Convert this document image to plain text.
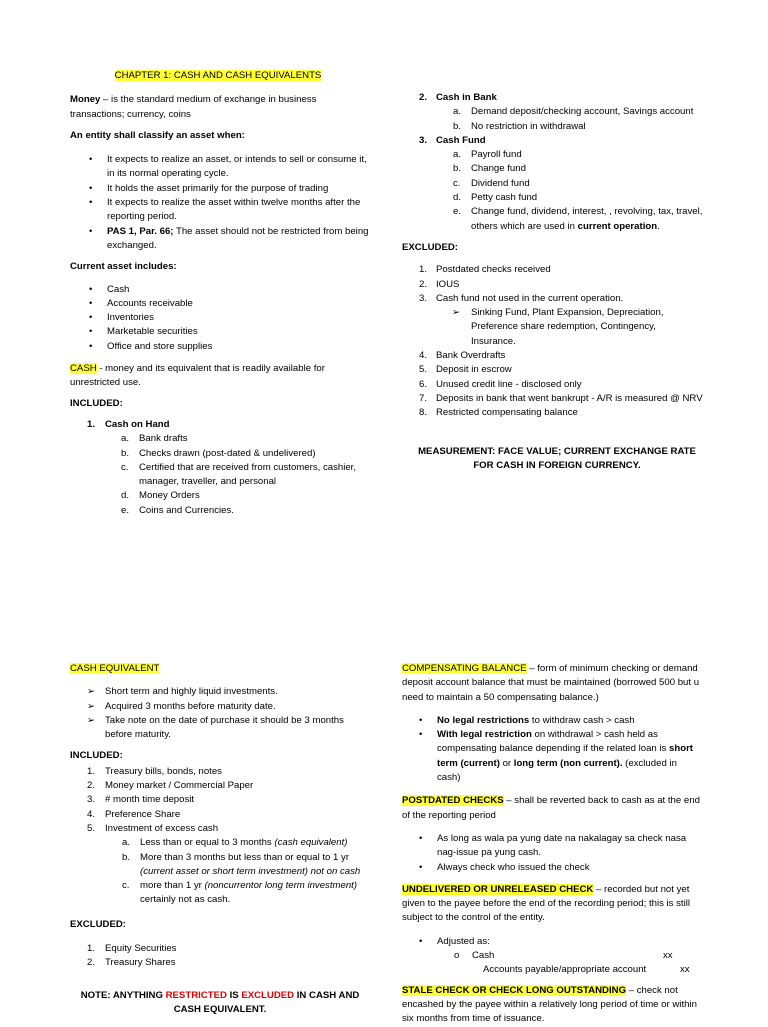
CHAPTER 1: CASH AND CASH EQUIVALENTS

Money – is the standard medium of exchange in business transactions; currency, coins

An entity shall classify an asset when:

• It expects to realize an asset, or intends to sell or consume it, in its normal operating cycle.
• It holds the asset primarily for the purpose of trading
• It expects to realize the asset within twelve months after the reporting period.
• PAS 1, Par. 66; The asset should not be restricted from being exchanged.

Current asset includes:

• Cash
• Accounts receivable
• Inventories
• Marketable securities
• Office and store supplies

CASH - money and its equivalent that is readily available for unrestricted use.

INCLUDED:

1. Cash on Hand
a. Bank drafts
b. Checks drawn (post-dated & undelivered)
c. Certified that are received from customers, cashier, manager, traveller, and personal
d. Money Orders
e. Coins and Currencies.
2. Cash in Bank
a. Demand deposit/checking account, Savings account
b. No restriction in withdrawal
3. Cash Fund
a. Payroll fund
b. Change fund
c. Dividend fund
d. Petty cash fund
e. Change fund, dividend, interest, , revolving, tax, travel, others which are used in current operation.

EXCLUDED:

1. Postdated checks received
2. IOUS
3. Cash fund not used in the current operation.
➢ Sinking Fund, Plant Expansion, Depreciation, Preference share redemption, Contingency, Insurance.
4. Bank Overdrafts
5. Deposit in escrow
6. Unused credit line - disclosed only
7. Deposits in bank that went bankrupt - A/R is measured @ NRV
8. Restricted compensating balance

MEASUREMENT: FACE VALUE; CURRENT EXCHANGE RATE FOR CASH IN FOREIGN CURRENCY.

CASH EQUIVALENT

➢ Short term and highly liquid investments.
➢ Acquired 3 months before maturity date.
➢ Take note on the date of purchase it should be 3 months before maturity.

INCLUDED:

1. Treasury bills, bonds, notes
2. Money market / Commercial Paper
3. # month time deposit
4. Preference Share
5. Investment of excess cash
a. Less than or equal to 3 months (cash equivalent)
b. More than 3 months but less than or equal to 1 yr (current asset or short term investment) not on cash
c. more than 1 yr (noncurrentor long term investment) certainly not as cash.

EXCLUDED:

1. Equity Securities
2. Treasury Shares

NOTE: ANYTHING RESTRICTED IS EXCLUDED IN CASH AND CASH EQUIVALENT.

COMPENSATING BALANCE – form of minimum checking or demand deposit account balance that must be maintained (borrowed 500 but u need to maintain a 50 compensating balance.)

• No legal restrictions to withdraw cash > cash
• With legal restriction on withdrawal > cash held as compensating balance depending if the related loan is short term (current) or long term (non current). (excluded in cash)

POSTDATED CHECKS – shall be reverted back to cash as at the end of the reporting period

• As long as wala pa yung date na nakalagay sa check nasa nag-issue pa yung cash.
• Always check who issued the check

UNDELIVERED OR UNRELEASED CHECK – recorded but not yet given to the payee before the end of the recording period; this is still subject to the control of the entity.

• Adjusted as:
o Cash	xx
Accounts payable/appropriate account	xx

STALE CHECK OR CHECK LONG OUTSTANDING – check not encashed by the payee within a relatively long period of time or within six months from time of issuance.
